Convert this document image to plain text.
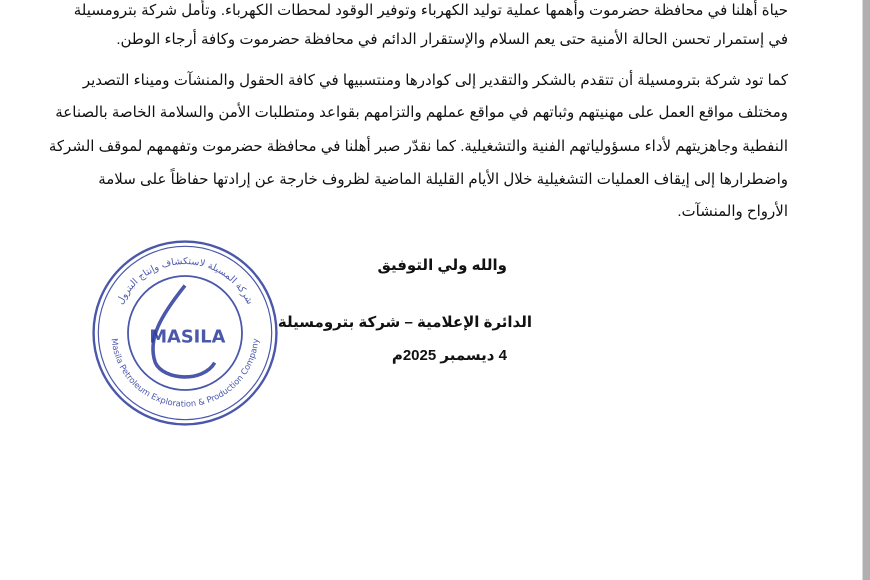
حياة أهلنا في محافظة حضرموت وأهمها عملية توليد الكهرباء وتوفير الوقود لمحطات الكهرباء. وتأمل شركة بترومسيلة
في إستمرار تحسن الحالة الأمنية حتى يعم السلام والإستقرار الدائم في محافظة حضرموت وكافة أرجاء الوطن.
كما تود شركة بترومسيلة أن تتقدم بالشكر والتقدير إلى كوادرها ومنتسبيها في كافة الحقول والمنشآت وميناء التصدير
ومختلف مواقع العمل على مهنيتهم وثباتهم في مواقع عملهم والتزامهم بقواعد ومتطلبات الأمن والسلامة الخاصة بالصناعة
النفطية وجاهزيتهم لأداء مسؤولياتهم الفنية والتشغيلية. كما نقدّر صبر أهلنا في محافظة حضرموت وتفهمهم لموقف الشركة
واضطرارها إلى إيقاف العمليات التشغيلية خلال الأيام القليلة الماضية لظروف خارجة عن إرادتها حفاظاً على سلامة
الأرواح والمنشآت.
والله ولي التوفيق
الدائرة الإعلامية – شركة بترومسيلة
4 ديسمبر 2025م
شركة المسيلة لاستكشاف وإنتاج البترول
Masila Petroleum Exploration & Production Company
MASILA
